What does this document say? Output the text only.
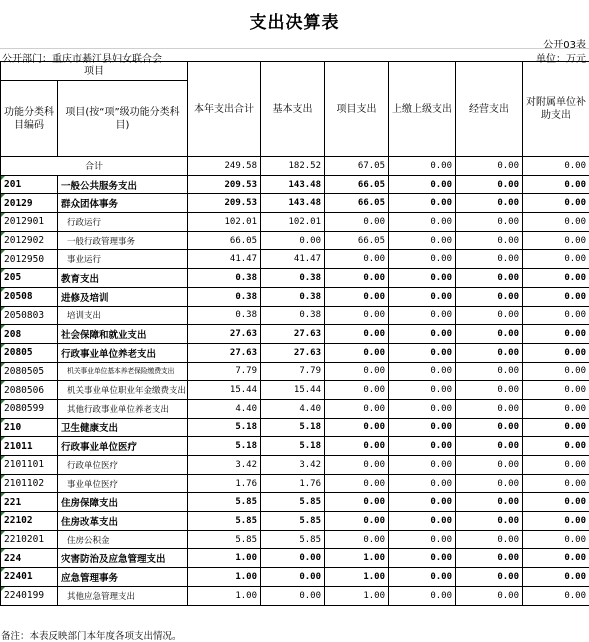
支出决算表
公开03表
公开部门：重庆市綦江县妇女联合会	单位：万元
项目		本年支出合计	基本支出	项目支出	上缴上级支出	经营支出	对附属单位补助支出
功能分类科目编码	项目(按“项”级功能分类科目)						
合计		249.58	182.52	67.05	0.00	0.00	0.00
201	一般公共服务支出	209.53	143.48	66.05	0.00	0.00	0.00
20129	群众团体事务	209.53	143.48	66.05	0.00	0.00	0.00
2012901	行政运行	102.01	102.01	0.00	0.00	0.00	0.00
2012902	一般行政管理事务	66.05	0.00	66.05	0.00	0.00	0.00
2012950	事业运行	41.47	41.47	0.00	0.00	0.00	0.00
205	教育支出	0.38	0.38	0.00	0.00	0.00	0.00
20508	进修及培训	0.38	0.38	0.00	0.00	0.00	0.00
2050803	培训支出	0.38	0.38	0.00	0.00	0.00	0.00
208	社会保障和就业支出	27.63	27.63	0.00	0.00	0.00	0.00
20805	行政事业单位养老支出	27.63	27.63	0.00	0.00	0.00	0.00
2080505	机关事业单位基本养老保险缴费支出	7.79	7.79	0.00	0.00	0.00	0.00
2080506	机关事业单位职业年金缴费支出	15.44	15.44	0.00	0.00	0.00	0.00
2080599	其他行政事业单位养老支出	4.40	4.40	0.00	0.00	0.00	0.00
210	卫生健康支出	5.18	5.18	0.00	0.00	0.00	0.00
21011	行政事业单位医疗	5.18	5.18	0.00	0.00	0.00	0.00
2101101	行政单位医疗	3.42	3.42	0.00	0.00	0.00	0.00
2101102	事业单位医疗	1.76	1.76	0.00	0.00	0.00	0.00
221	住房保障支出	5.85	5.85	0.00	0.00	0.00	0.00
22102	住房改革支出	5.85	5.85	0.00	0.00	0.00	0.00
2210201	住房公积金	5.85	5.85	0.00	0.00	0.00	0.00
224	灾害防治及应急管理支出	1.00	0.00	1.00	0.00	0.00	0.00
22401	应急管理事务	1.00	0.00	1.00	0.00	0.00	0.00
2240199	其他应急管理支出	1.00	0.00	1.00	0.00	0.00	0.00
备注：本表反映部门本年度各项支出情况。
